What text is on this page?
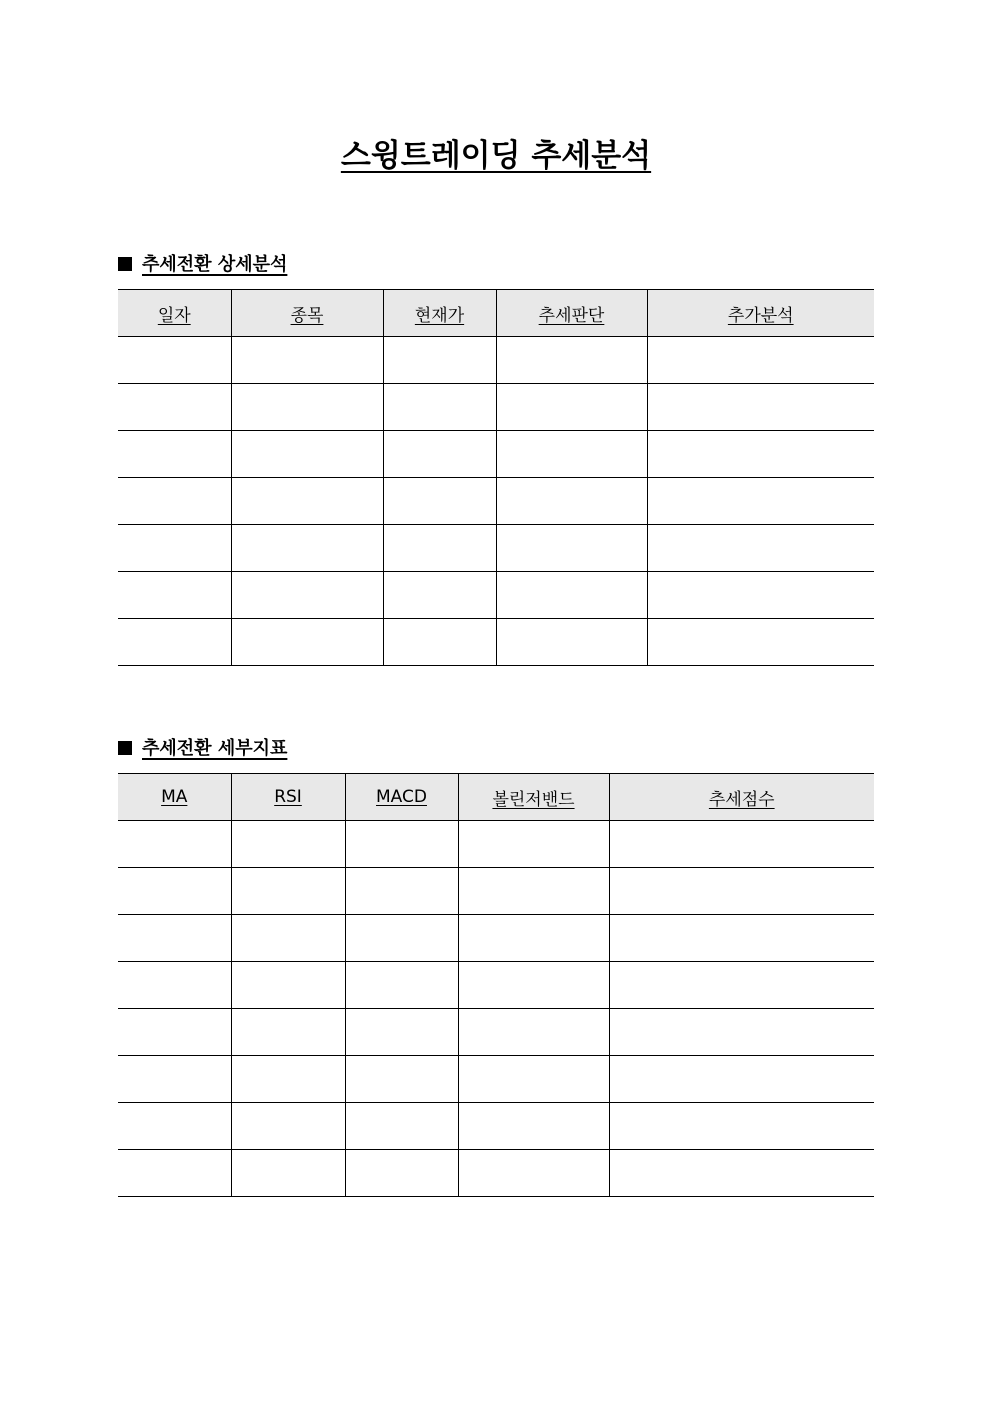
스윙트레이딩 추세분석
추세전환 상세분석
일자	종목	현재가	추세판단	추가분석

추세전환 세부지표
MA	RSI	MACD	볼린저밴드	추세점수
